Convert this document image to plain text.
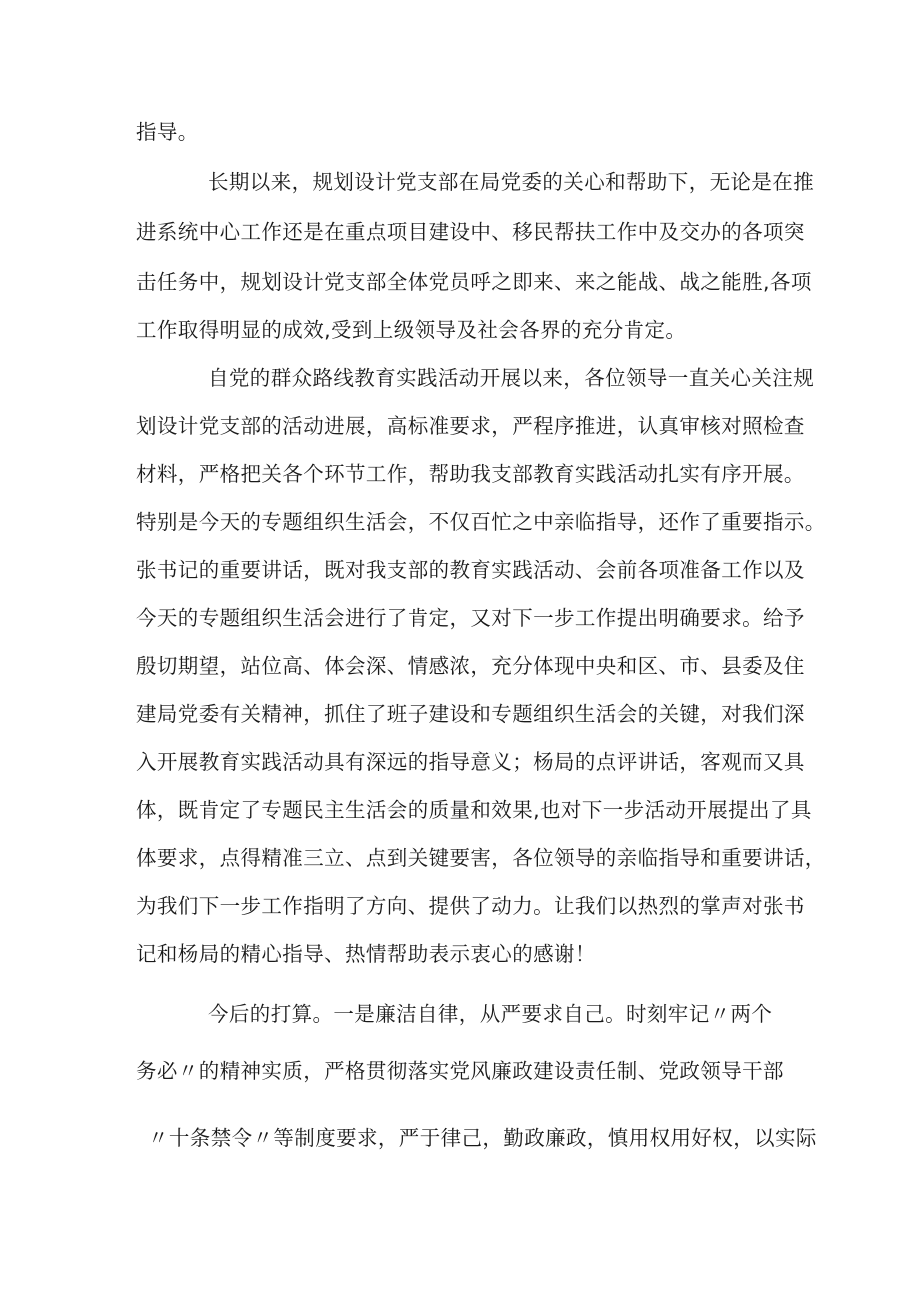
指导。
长期以来，规划设计党支部在局党委的关心和帮助下，无论是在推
进系统中心工作还是在重点项目建设中、移民帮扶工作中及交办的各项突
击任务中，规划设计党支部全体党员呼之即来、来之能战、战之能胜,各项
工作取得明显的成效,受到上级领导及社会各界的充分肯定。
自党的群众路线教育实践活动开展以来，各位领导一直关心关注规
划设计党支部的活动进展，高标准要求，严程序推进，认真审核对照检查
材料，严格把关各个环节工作，帮助我支部教育实践活动扎实有序开展。
特别是今天的专题组织生活会，不仅百忙之中亲临指导，还作了重要指示。
张书记的重要讲话，既对我支部的教育实践活动、会前各项准备工作以及
今天的专题组织生活会进行了肯定，又对下一步工作提出明确要求。给予
殷切期望，站位高、体会深、情感浓，充分体现中央和区、市、县委及住
建局党委有关精神，抓住了班子建设和专题组织生活会的关键，对我们深
入开展教育实践活动具有深远的指导意义；杨局的点评讲话，客观而又具
体，既肯定了专题民主生活会的质量和效果,也对下一步活动开展提出了具
体要求，点得精准三立、点到关键要害，各位领导的亲临指导和重要讲话，
为我们下一步工作指明了方向、提供了动力。让我们以热烈的掌声对张书
记和杨局的精心指导、热情帮助表示衷心的感谢！
今后的打算。一是廉洁自律，从严要求自己。时刻牢记〃两个
务必〃的精神实质，严格贯彻落实党风廉政建设责任制、党政领导干部
〃十条禁令〃等制度要求，严于律己，勤政廉政，慎用权用好权，以实际
